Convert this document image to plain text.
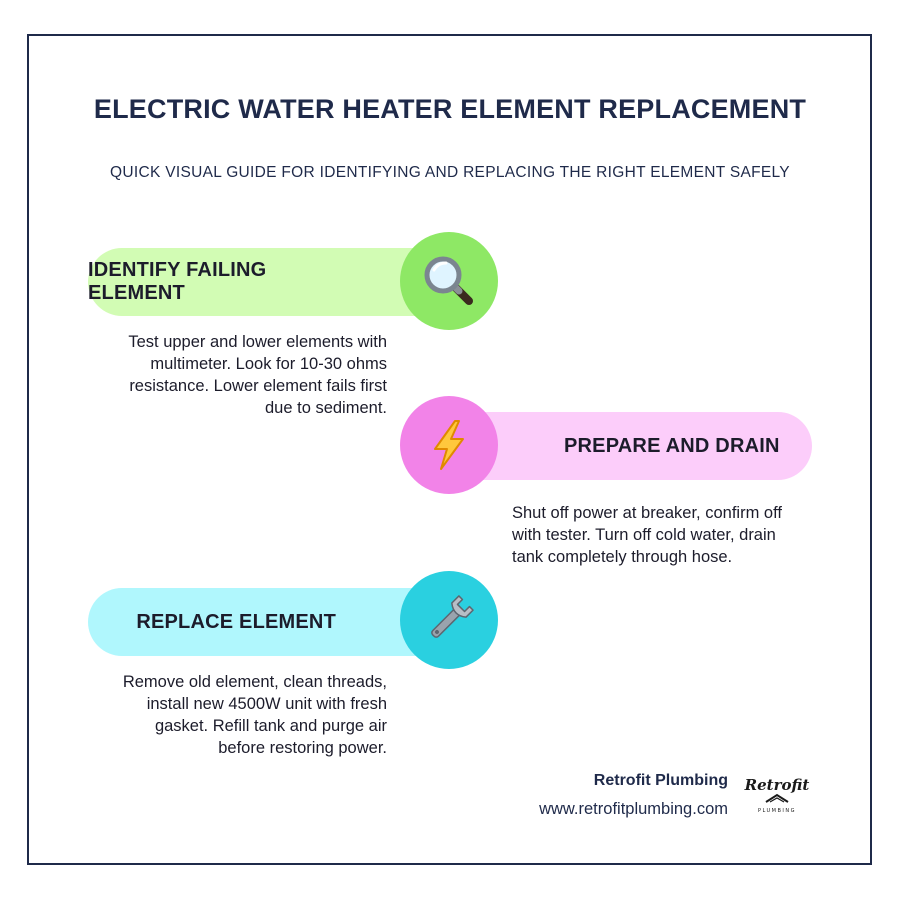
ELECTRIC WATER HEATER ELEMENT REPLACEMENT

QUICK VISUAL GUIDE FOR IDENTIFYING AND REPLACING THE RIGHT ELEMENT SAFELY

IDENTIFY FAILING ELEMENT

Test upper and lower elements with multimeter. Look for 10-30 ohms resistance. Lower element fails first due to sediment.

PREPARE AND DRAIN

Shut off power at breaker, confirm off with tester. Turn off cold water, drain tank completely through hose.

REPLACE ELEMENT

Remove old element, clean threads, install new 4500W unit with fresh gasket. Refill tank and purge air before restoring power.

Retrofit Plumbing
www.retrofitplumbing.com
Retrofit
PLUMBING
